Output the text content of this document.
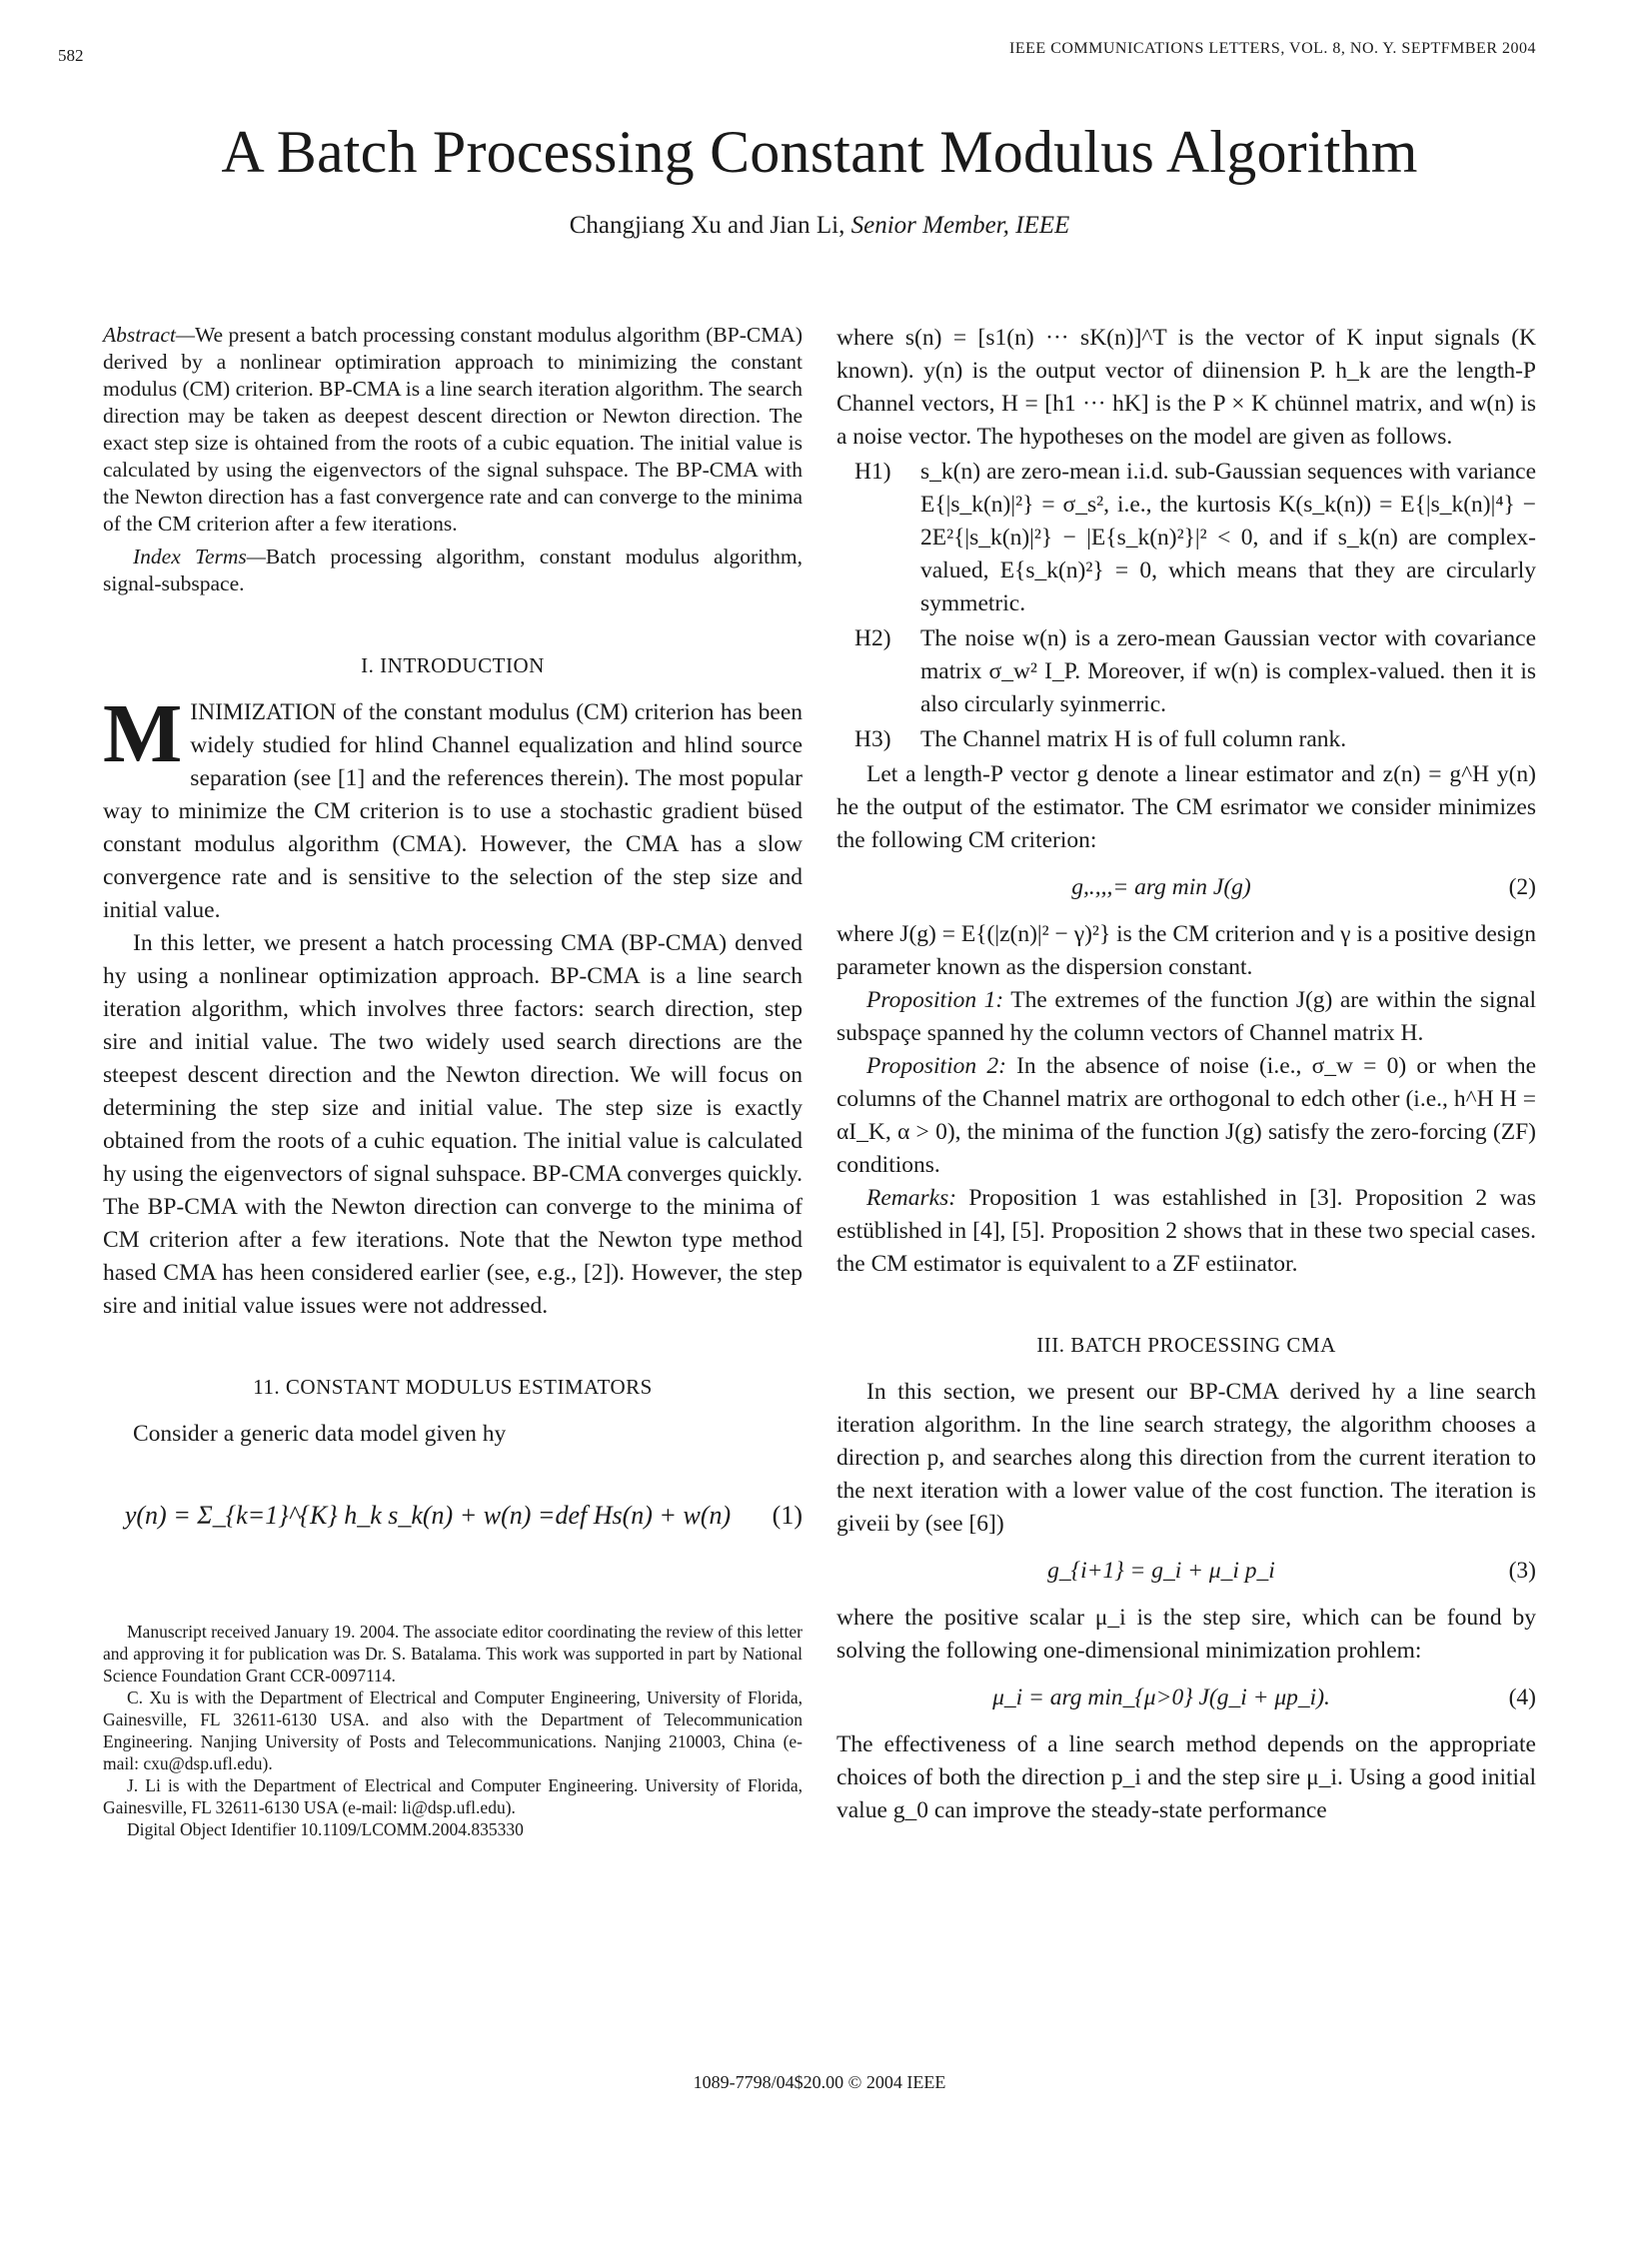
582	IEEE COMMUNICATIONS LETTERS, VOL. 8, NO. Y. SEPTFMBER 2004
A Batch Processing Constant Modulus Algorithm
Changjiang Xu and Jian Li, Senior Member, IEEE

Abstract—We present a batch processing constant modulus algorithm (BP-CMA) derived by a nonlinear optimiration approach to minimizing the constant modulus (CM) criterion. BP-CMA is a line search iteration algorithm. The search direction may be taken as deepest descent direction or Newton direction. The exact step size is ohtained from the roots of a cubic equation. The initial value is calculated by using the eigenvectors of the signal suhspace. The BP-CMA with the Newton direction has a fast convergence rate and can converge to the minima of the CM criterion after a few iterations.

Index Terms—Batch processing algorithm, constant modulus algorithm, signal-subspace.

I. INTRODUCTION

MINIMIZATION of the constant modulus (CM) criterion has been widely studied for hlind Channel equalization and hlind source separation (see [1] and the references therein). The most popular way to minimize the CM criterion is to use a stochastic gradient büsed constant modulus algorithm (CMA). However, the CMA has a slow convergence rate and is sensitive to the selection of the step size and initial value.

In this letter, we present a hatch processing CMA (BP-CMA) denved hy using a nonlinear optimization approach. BP-CMA is a line search iteration algorithm, which involves three factors: search direction, step sire and initial value. The two widely used search directions are the steepest descent direction and the Newton direction. We will focus on determining the step size and initial value. The step size is exactly obtained from the roots of a cuhic equation. The initial value is calculated hy using the eigenvectors of signal suhspace. BP-CMA converges quickly. The BP-CMA with the Newton direction can converge to the minima of CM criterion after a few iterations. Note that the Newton type method hased CMA has heen considered earlier (see, e.g., [2]). However, the step sire and initial value issues were not addressed.

11. CONSTANT MODULUS ESTIMATORS

Consider a generic data model given hy

y(n) = Σ_{k=1}^{K} h_k s_k(n) + w(n) =def Hs(n) + w(n)	(1)

Manuscript received January 19. 2004. The associate editor coordinating the review of this letter and approving it for publication was Dr. S. Batalama. This work was supported in part by National Science Foundation Grant CCR-0097114.

C. Xu is with the Department of Electrical and Computer Engineering, University of Florida, Gainesville, FL 32611-6130 USA. and also with the Department of Telecommunication Engineering. Nanjing University of Posts and Telecommunications. Nanjing 210003, China (e-mail: cxu@dsp.ufl.edu).

J. Li is with the Department of Electrical and Computer Engineering. University of Florida, Gainesville, FL 32611-6130 USA (e-mail: li@dsp.ufl.edu).

Digital Object Identifier 10.1109/LCOMM.2004.835330

where s(n) = [s1(n) ··· sK(n)]^T is the vector of K input signals (K known). y(n) is the output vector of diinension P. h_k are the length-P Channel vectors, H = [h1 ··· hK] is the P × K chünnel matrix, and w(n) is a noise vector. The hypotheses on the model are given as follows.

H1)	s_k(n) are zero-mean i.i.d. sub-Gaussian sequences with variance E{|s_k(n)|²} = σ_s², i.e., the kurtosis K(s_k(n)) = E{|s_k(n)|⁴} − 2E²{|s_k(n)|²} − |E{s_k(n)²}|² < 0, and if s_k(n) are complex-valued, E{s_k(n)²} = 0, which means that they are circularly symmetric.
H2)	The noise w(n) is a zero-mean Gaussian vector with covariance matrix σ_w² I_P. Moreover, if w(n) is complex-valued. then it is also circularly syinmerric.
H3)	The Channel matrix H is of full column rank.

Let a length-P vector g denote a linear estimator and z(n) = g^H y(n) he the output of the estimator. The CM esrimator we consider minimizes the following CM criterion:

g,.,,,= arg min J(g)	(2)

where J(g) = E{(|z(n)|² − γ)²} is the CM criterion and γ is a positive design parameter known as the dispersion constant.

Proposition 1: The extremes of the function J(g) are within the signal subspaçe spanned hy the column vectors of Channel matrix H.

Proposition 2: In the absence of noise (i.e., σ_w = 0) or when the columns of the Channel matrix are orthogonal to edch other (i.e., h^H H = αI_K, α > 0), the minima of the function J(g) satisfy the zero-forcing (ZF) conditions.

Remarks: Proposition 1 was estahlished in [3]. Proposition 2 was estüblished in [4], [5]. Proposition 2 shows that in these two special cases. the CM estimator is equivalent to a ZF estiinator.

III. BATCH PROCESSING CMA

In this section, we present our BP-CMA derived hy a line search iteration algorithm. In the line search strategy, the algorithm chooses a direction p, and searches along this direction from the current iteration to the next iteration with a lower value of the cost function. The iteration is giveii by (see [6])

g_{i+1} = g_i + μ_i p_i	(3)

where the positive scalar μ_i is the step sire, which can be found by solving the following one-dimensional minimization prohlem:

μ_i = arg min_{μ>0} J(g_i + μp_i).	(4)

The effectiveness of a line search method depends on the appropriate choices of both the direction p_i and the step sire μ_i. Using a good initial value g_0 can improve the steady-state performance

1089-7798/04$20.00 © 2004 IEEE
